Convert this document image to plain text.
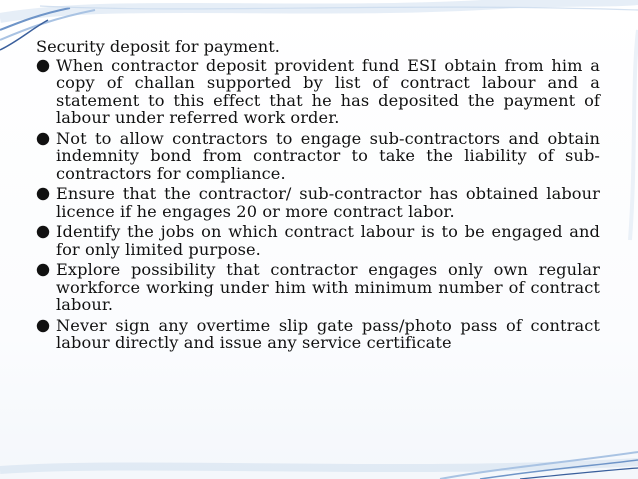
Security deposit for payment.

When contractor deposit provident fund ESI obtain from him a copy of challan supported by list of contract labour and a statement to this effect that he has deposited the payment of labour under referred work order.
Not to allow contractors to engage sub-contractors and obtain indemnity bond from contractor to take the liability of sub-contractors for compliance.
Ensure that the contractor/ sub-contractor has obtained labour licence if he engages 20 or more contract labor.
Identify the jobs on which contract labour is to be engaged and for only limited purpose.
Explore possibility that contractor engages only own regular workforce working under him with minimum number of contract labour.
Never sign any overtime slip gate pass/photo pass of contract labour directly and issue any service certificate
